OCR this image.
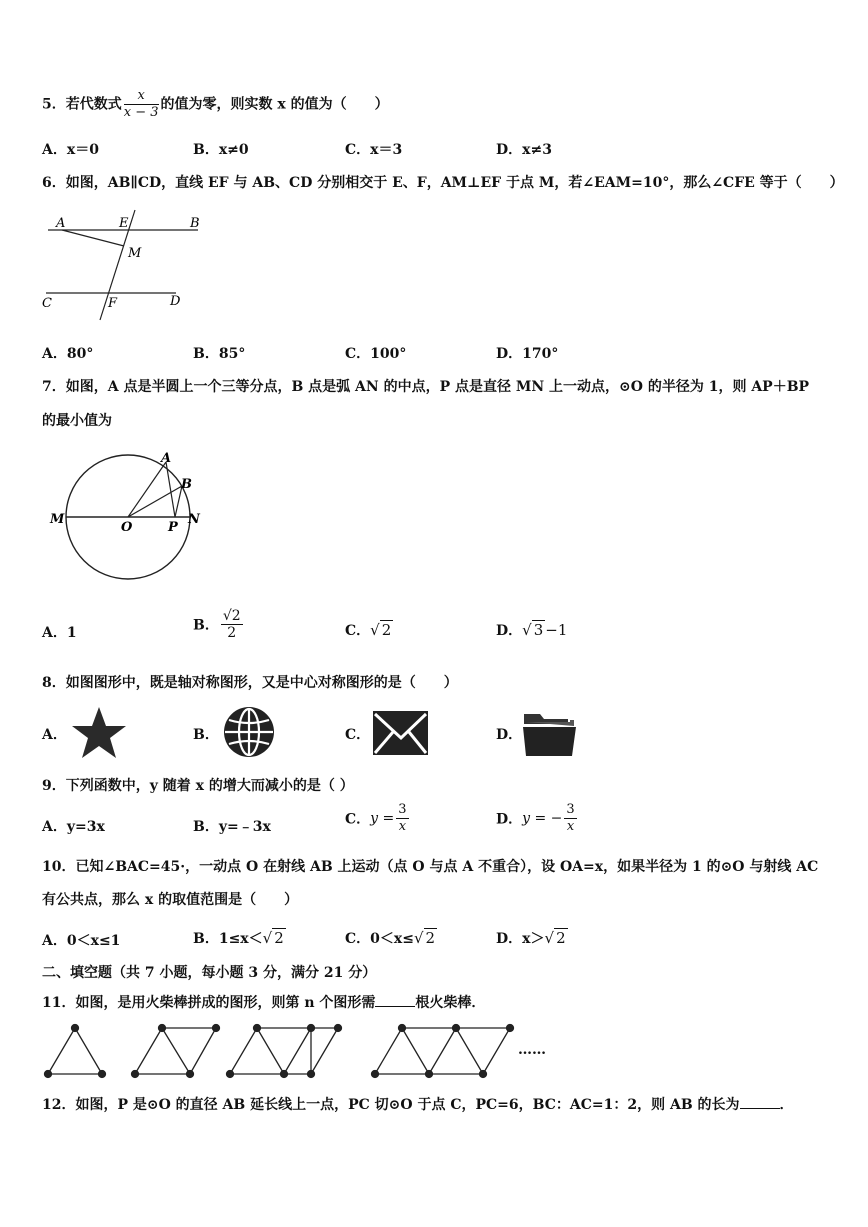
5．若代数式 $\frac{x}{x - 3}$ 的值为零，则实数 x 的值为（　　）
A．x＝0	B．x≠0	C．x＝3	D．x≠3
6．如图，AB∥CD，直线 EF 与 AB、CD 分别相交于 E、F，AM⊥EF 于点 M，若∠EAM=10°，那么∠CFE 等于（　　）
A	E	B
M
C	F	D
A．80°	B．85°	C．100°	D．170°
7．如图，A 点是半圆上一个三等分点，B 点是弧 AN 的中点，P 点是直径 MN 上一动点，⊙O 的半径为 1，则 AP＋BP
的最小值为
M
A
B
O	P
N
A．1	B． $\frac{√2}{2}$	C．√ 2	D．√ 3 −1
8．如图图形中，既是轴对称图形，又是中心对称图形的是（　　）
A．	B．	C．	D．
9．下列函数中，y 随着 x 的增大而减小的是（ ）
A．y=3x	B．y=﹣3x	C．$y = \frac{3}{x}$	D．y = − $\frac{3}{x}$
10．已知∠BAC=45·，一动点 O 在射线 AB 上运动（点 O 与点 A 不重合），设 OA=x，如果半径为 1 的⊙O 与射线 AC
有公共点，那么 x 的取值范围是（　　）
A．0＜x≤1	B．1≤x＜√ 2	C．0＜x≤√ 2	D．x＞√ 2
二、填空题（共 7 小题，每小题 3 分，满分 21 分）
11．如图，是用火柴棒拼成的图形，则第 n 个图形需	根火柴棒．
……
12．如图，P 是⊙O 的直径 AB 延长线上一点，PC 切⊙O 于点 C，PC=6，BC：AC=1：2，则 AB 的长为	．
